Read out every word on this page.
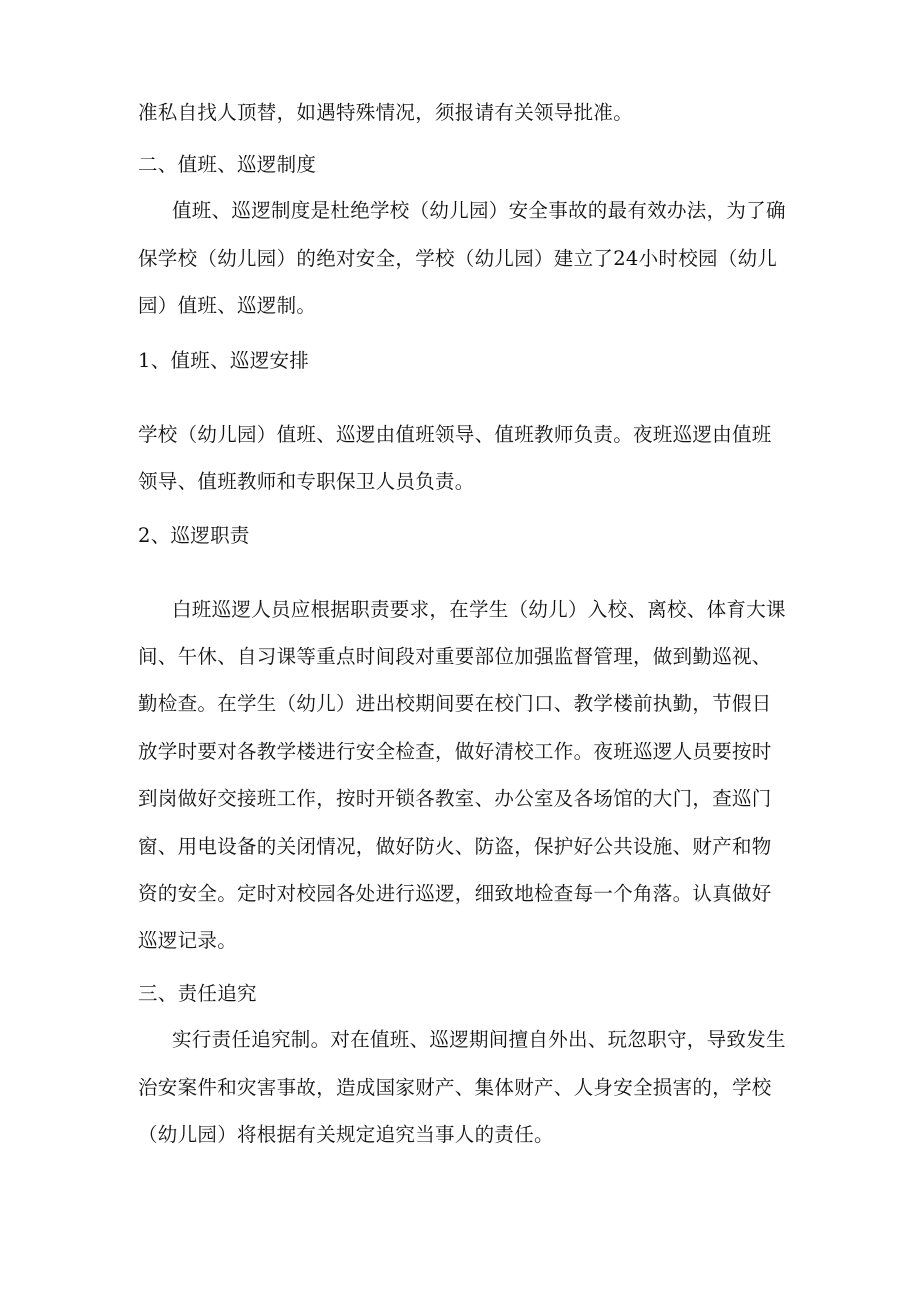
准私自找人顶替，如遇特殊情况，须报请有关领导批准。
二、值班、巡逻制度
值班、巡逻制度是杜绝学校（幼儿园）安全事故的最有效办法，为了确
保学校（幼儿园）的绝对安全，学校（幼儿园）建立了24小时校园（幼儿
园）值班、巡逻制。
1、值班、巡逻安排
学校（幼儿园）值班、巡逻由值班领导、值班教师负责。夜班巡逻由值班
领导、值班教师和专职保卫人员负责。
2、巡逻职责
白班巡逻人员应根据职责要求，在学生（幼儿）入校、离校、体育大课
间、午休、自习课等重点时间段对重要部位加强监督管理，做到勤巡视、
勤检查。在学生（幼儿）进出校期间要在校门口、教学楼前执勤，节假日
放学时要对各教学楼进行安全检查，做好清校工作。夜班巡逻人员要按时
到岗做好交接班工作，按时开锁各教室、办公室及各场馆的大门，查巡门
窗、用电设备的关闭情况，做好防火、防盗，保护好公共设施、财产和物
资的安全。定时对校园各处进行巡逻，细致地检查每一个角落。认真做好
巡逻记录。
三、责任追究
实行责任追究制。对在值班、巡逻期间擅自外出、玩忽职守，导致发生
治安案件和灾害事故，造成国家财产、集体财产、人身安全损害的，学校
（幼儿园）将根据有关规定追究当事人的责任。
